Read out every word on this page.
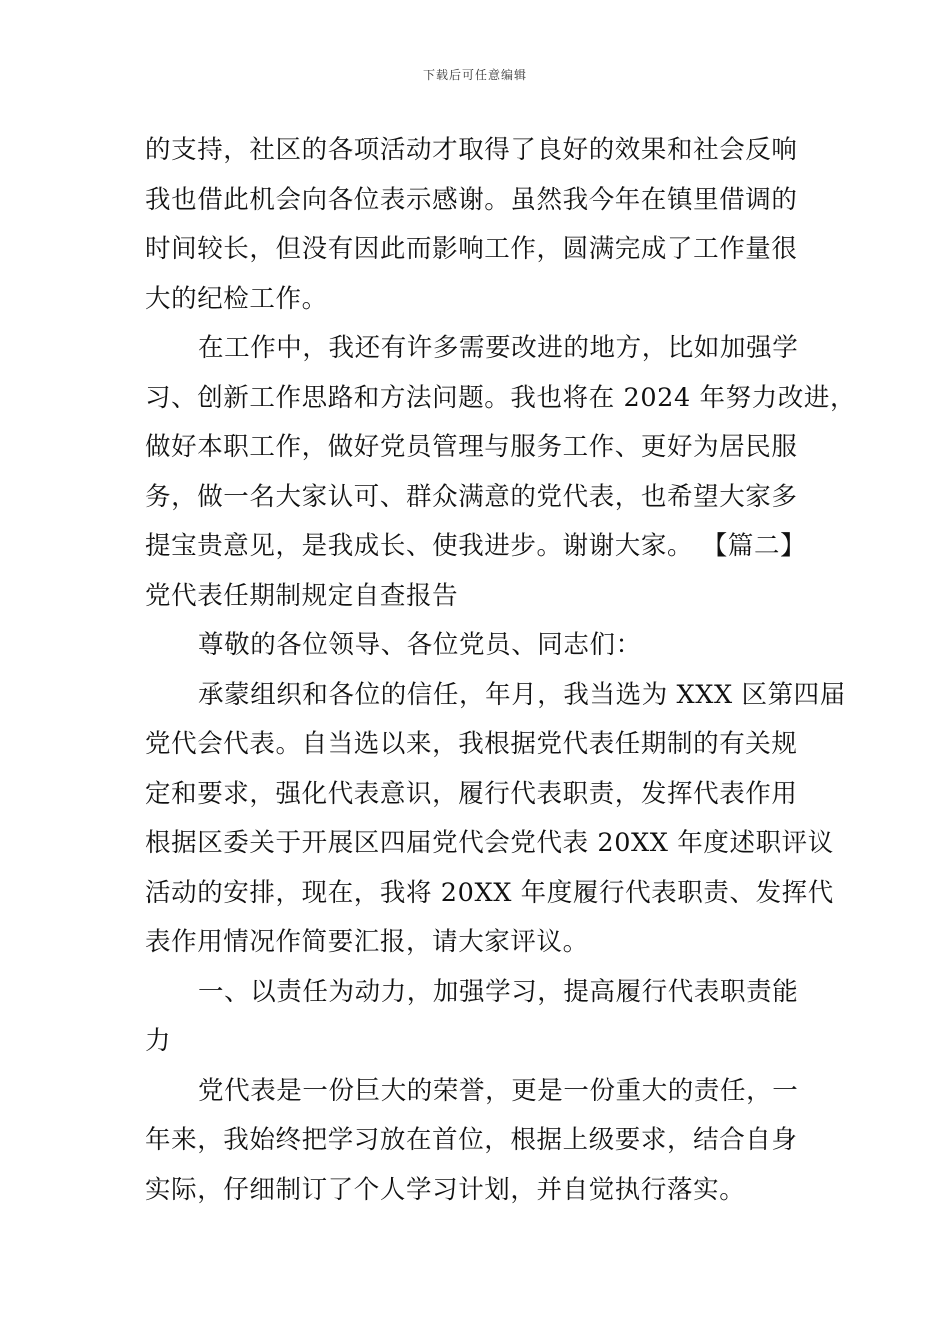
下载后可任意编辑
的支持，社区的各项活动才取得了良好的效果和社会反响
我也借此机会向各位表示感谢。虽然我今年在镇里借调的
时间较长，但没有因此而影响工作，圆满完成了工作量很
大的纪检工作。
在工作中，我还有许多需要改进的地方，比如加强学
习、创新工作思路和方法问题。我也将在 2024 年努力改进，
做好本职工作，做好党员管理与服务工作、更好为居民服
务，做一名大家认可、群众满意的党代表，也希望大家多
提宝贵意见，是我成长、使我进步。谢谢大家。 【篇二】
党代表任期制规定自查报告
尊敬的各位领导、各位党员、同志们：
承蒙组织和各位的信任，年月，我当选为 XXX 区第四届
党代会代表。自当选以来，我根据党代表任期制的有关规
定和要求，强化代表意识，履行代表职责，发挥代表作用
根据区委关于开展区四届党代会党代表 20XX 年度述职评议
活动的安排，现在，我将 20XX 年度履行代表职责、发挥代
表作用情况作简要汇报，请大家评议。
一、以责任为动力，加强学习，提高履行代表职责能
力
党代表是一份巨大的荣誉，更是一份重大的责任，一
年来，我始终把学习放在首位，根据上级要求，结合自身
实际，仔细制订了个人学习计划，并自觉执行落实。
